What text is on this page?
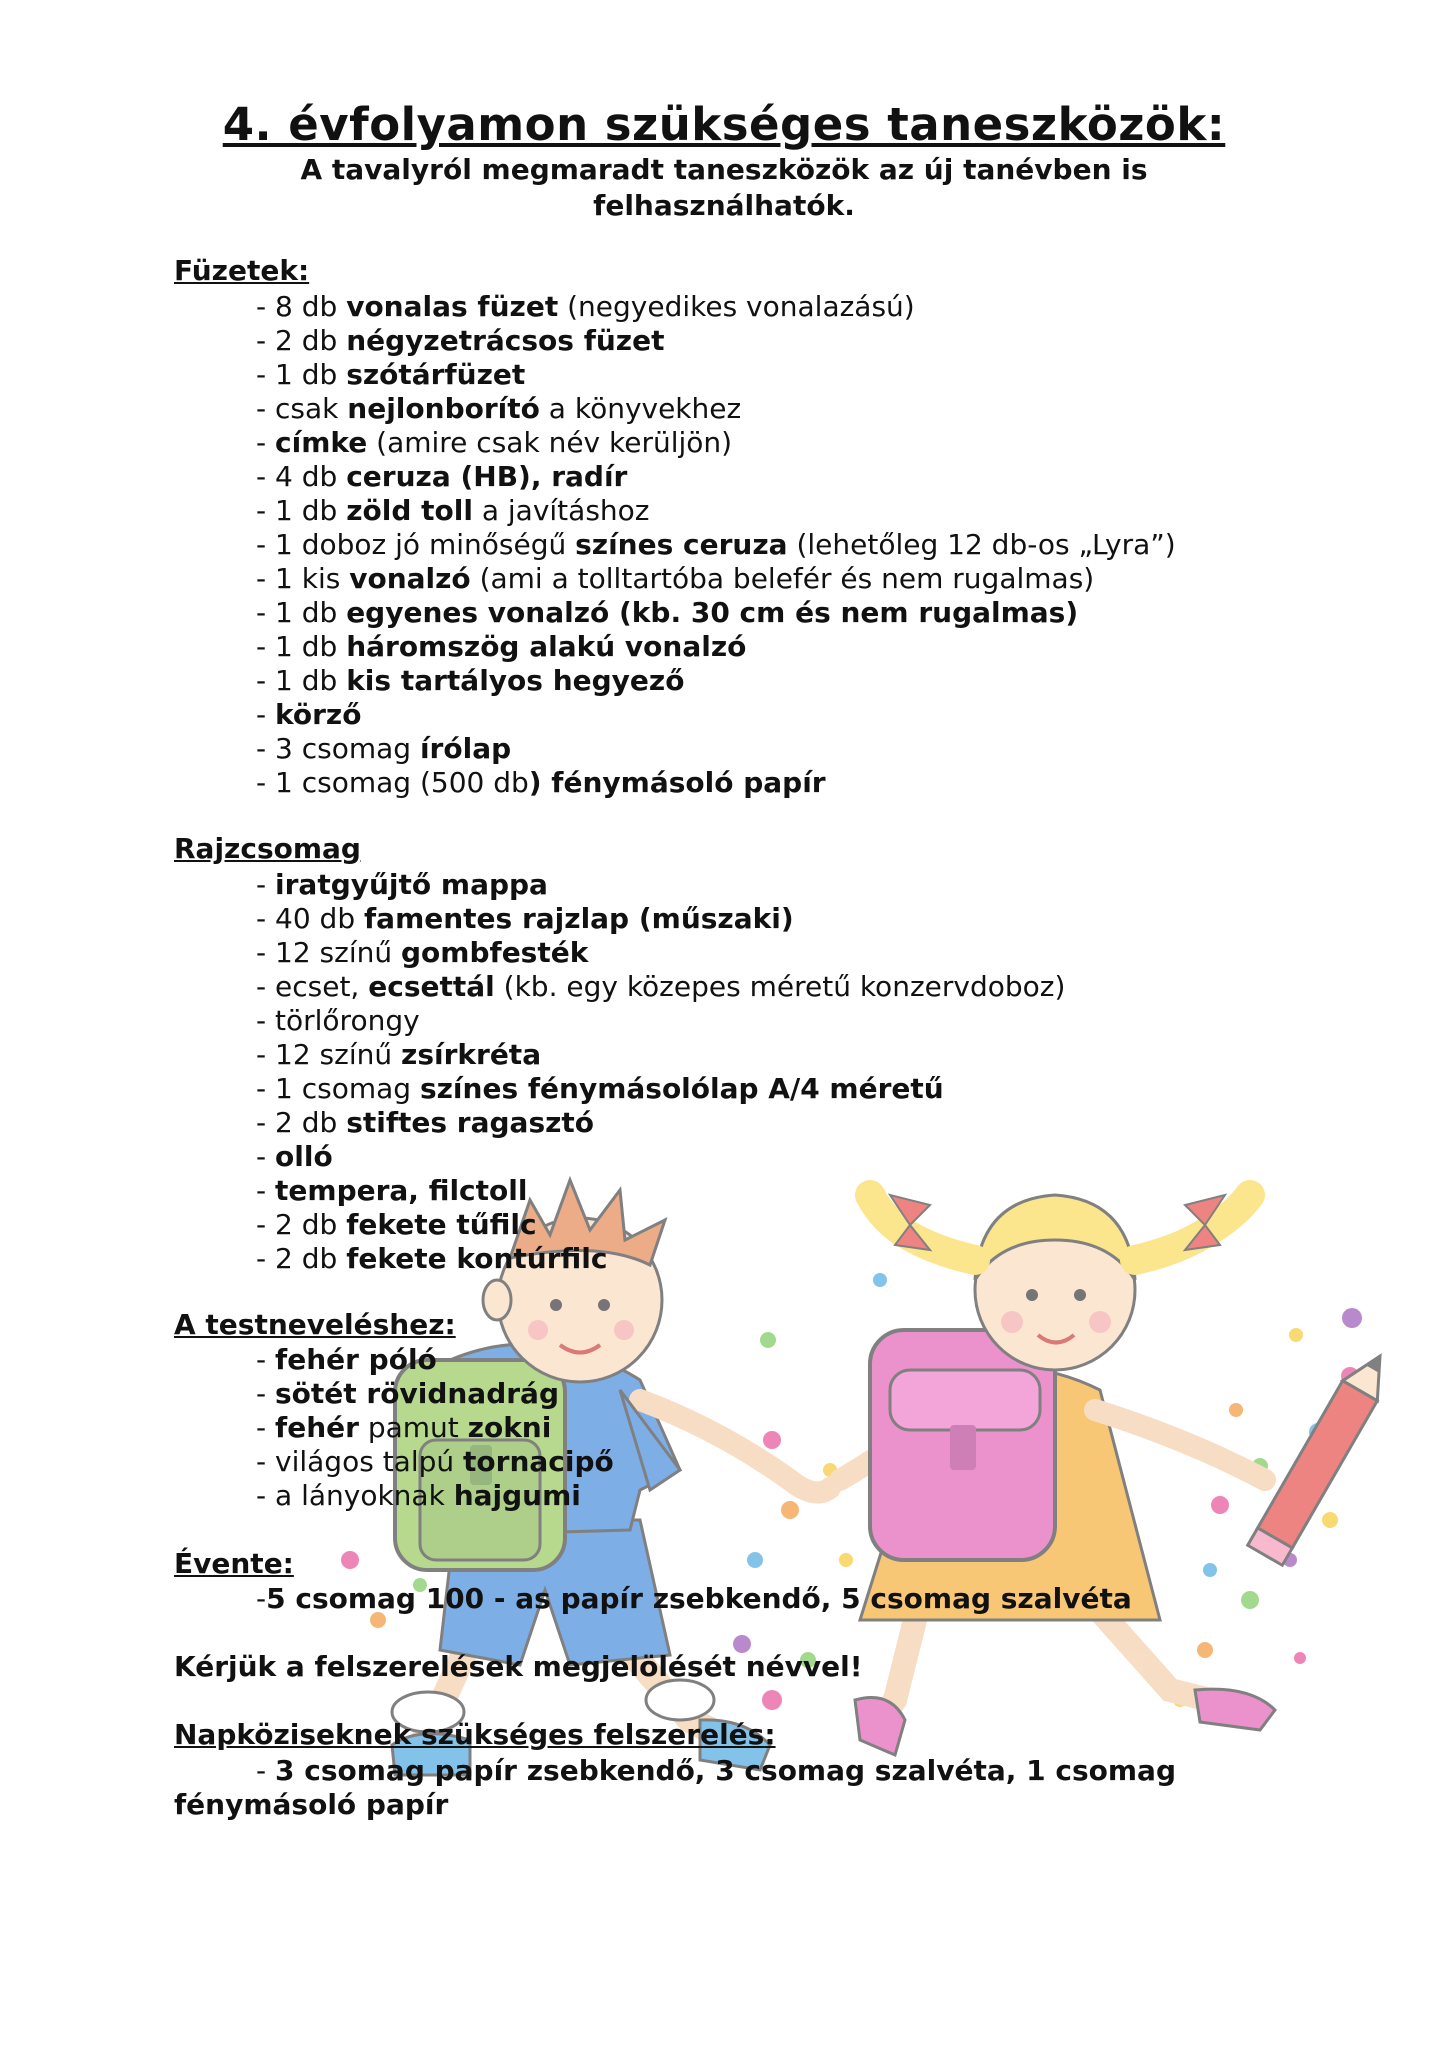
4. évfolyamon szükséges taneszközök:
A tavalyról megmaradt taneszközök az új tanévben is felhasználhatók.
Füzetek:
- 8 db vonalas füzet (negyedikes vonalazású)
- 2 db négyzetrácsos füzet
- 1 db szótárfüzet
- csak nejlonborító a könyvekhez
- címke (amire csak név kerüljön)
- 4 db ceruza (HB), radír
- 1 db zöld toll a javításhoz
- 1 doboz jó minőségű színes ceruza (lehetőleg 12 db-os „Lyra”)
- 1 kis vonalzó (ami a tolltartóba belefér és nem rugalmas)
- 1 db egyenes vonalzó (kb. 30 cm és nem rugalmas)
- 1 db háromszög alakú vonalzó
- 1 db kis tartályos hegyező
- körző
- 3 csomag írólap
- 1 csomag (500 db) fénymásoló papír
Rajzcsomag
- iratgyűjtő mappa
- 40 db famentes rajzlap (műszaki)
- 12 színű gombfesték
- ecset, ecsettál (kb. egy közepes méretű konzervdoboz)
- törlőrongy
- 12 színű zsírkréta
- 1 csomag színes fénymásolólap A/4 méretű
- 2 db stiftes ragasztó
- olló
- tempera, filctoll
- 2 db fekete tűfilc
- 2 db fekete kontúrfilc
A testneveléshez:
- fehér póló
- sötét rövidnadrág
- fehér pamut zokni
- világos talpú tornacipő
- a lányoknak hajgumi
Évente:
-5 csomag 100 - as papír zsebkendő, 5 csomag szalvéta
Kérjük a felszerelések megjelölését névvel!
Napköziseknek szükséges felszerelés:
- 3 csomag papír zsebkendő, 3 csomag szalvéta, 1 csomag fénymásoló papír
